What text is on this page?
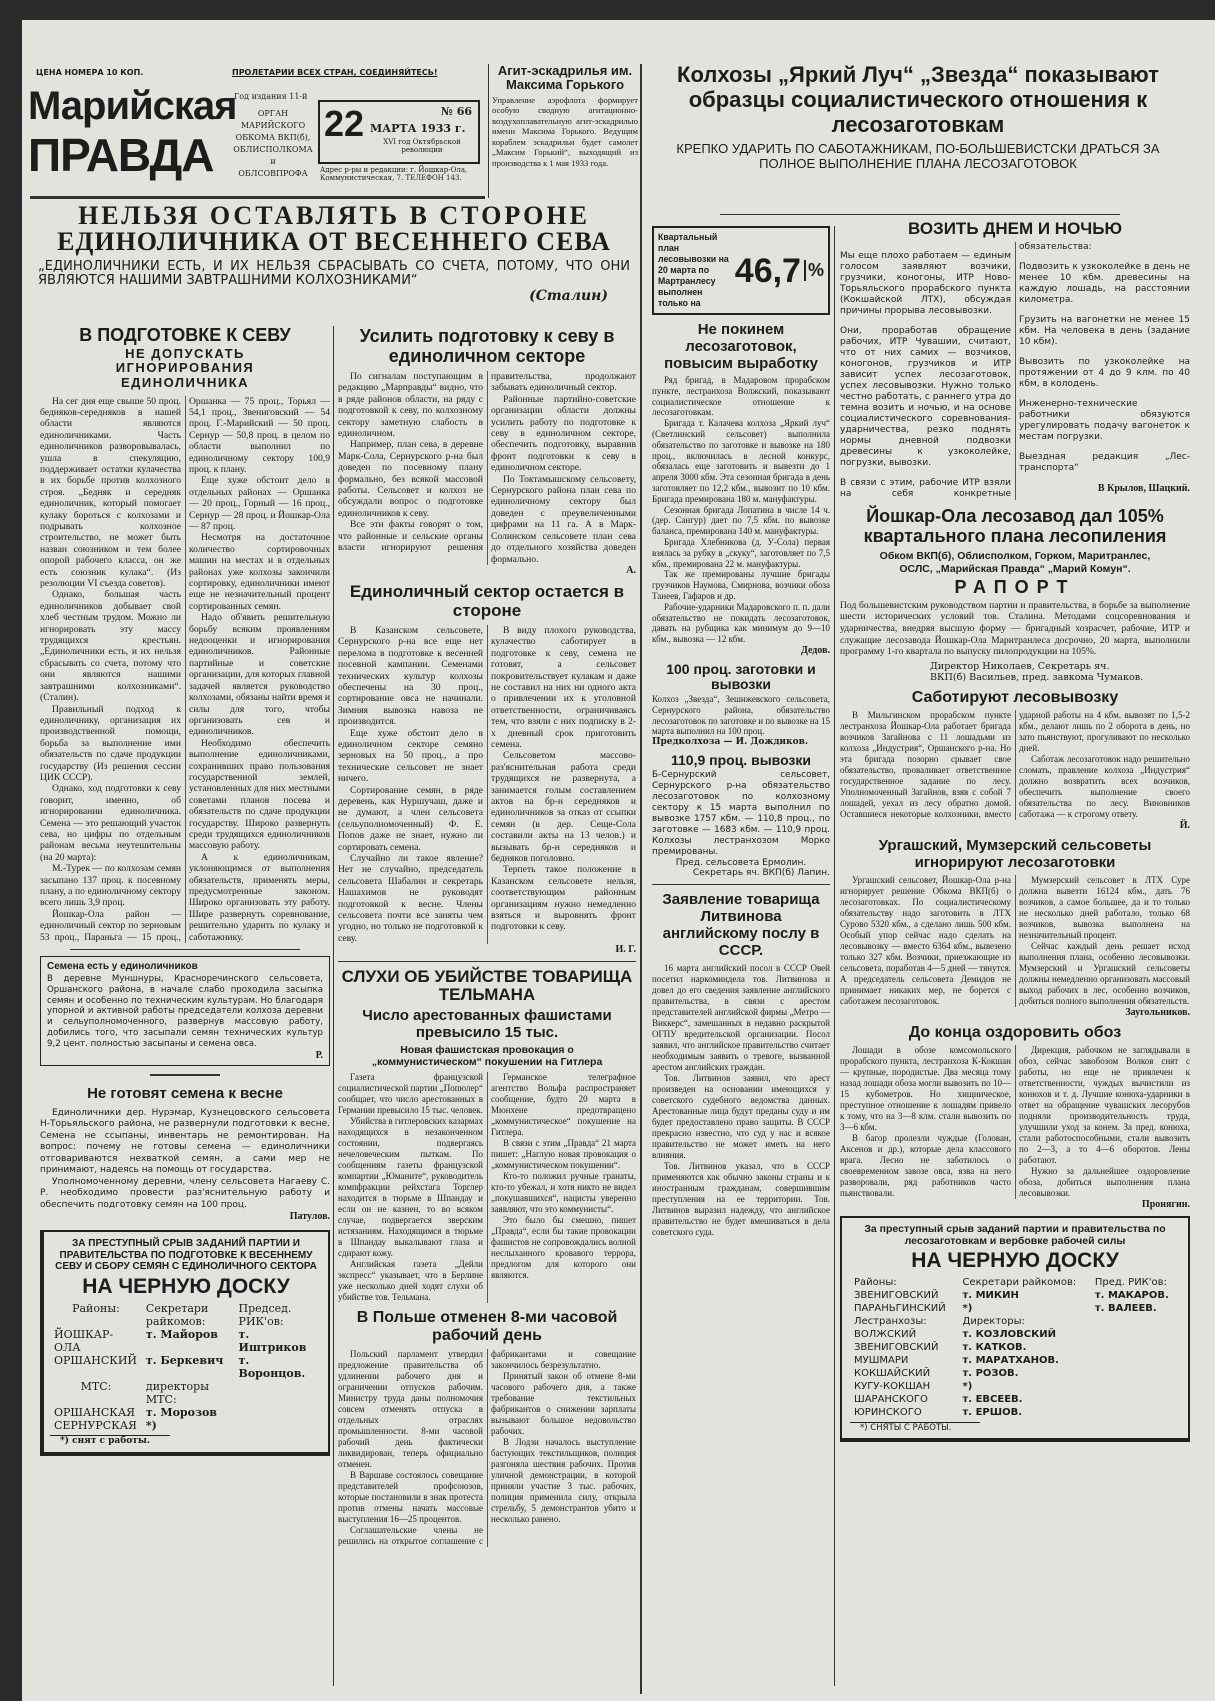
ЦЕНА НОМЕРА 10 КОП.	ПРОЛЕТАРИИ ВСЕХ СТРАН, СОЕДИНЯЙТЕСЬ!
Марийская
ПРАВДА
Год издания 11-й
ОРГАН
МАРИЙСКОГО
ОБКОМА ВКП(б),
ОБЛИСПОЛКОМА и
ОБЛСОВПРОФА
22	№ 66
МАРТА 1933 г.
XVI год Октябрьской революции
Адрес р-ры и редакции: г. Йошкар-Ола, Коммунистическая, 7. ТЕЛЕФОН 143.
Агит-эскадрилья им. Максима Горького
Управление аэрофлота формирует особую сводную агитационно-воздухоплавательную агит-эскадрилью имени Максима Горького. Ведущим кораблем эскадрильи будет самолет „Максим Горький“, выходящий из производства к 1 мая 1933 года.
Колхозы „Яркий Луч“ „Звезда“ показывают образцы социалистического отношения к лесозаготовкам
КРЕПКО УДАРИТЬ ПО САБОТАЖНИКАМ, ПО-БОЛЬШЕВИСТСКИ ДРАТЬСЯ ЗА ПОЛНОЕ ВЫПОЛНЕНИЕ ПЛАНА ЛЕСОЗАГОТОВОК
НЕЛЬЗЯ ОСТАВЛЯТЬ В СТОРОНЕ
ЕДИНОЛИЧНИКА ОТ ВЕСЕННЕГО СЕВА
„ЕДИНОЛИЧНИКИ ЕСТЬ, И ИХ НЕЛЬЗЯ СБРАСЫВАТЬ СО СЧЕТА, ПОТОМУ, ЧТО ОНИ ЯВЛЯЮТСЯ НАШИМИ ЗАВТРАШНИМИ КОЛХОЗНИКАМИ“
(Сталин)
В ПОДГОТОВКЕ К СЕВУ
НЕ ДОПУСКАТЬ ИГНОРИРОВАНИЯ ЕДИНОЛИЧНИКА

На сег дня еще свыше 50 проц. бедняков-середняков в нашей области являются единоличниками. Часть единоличников разворовывалась, ушла в спекуляцию, поддерживает остатки кулачества в их борьбе против колхозного строя. „Бедняк и середняк единоличник, который помогает кулаку бороться с колхозами и подрывать колхозное строительство, не может быть назван союзником и тем более опорой рабочего класса, он же есть союзник кулака“. (Из резолюции VI съезда советов).

Однако, большая часть единоличников добывает свой хлеб честным трудом. Можно ли игнорировать эту массу трудящихся крестьян. „Единоличники есть, и их нельзя сбрасывать со счета, потому что они являются нашими завтрашними колхозниками“. (Сталин).

Правильный подход к единоличнику, организация их производственной помощи, борьба за выполнение ими обязательств по сдаче продукции государству (Из решения сессии ЦИК СССР).

Однако, ход подготовки к севу говорит, именно, об игнорировании единоличника. Семена — это решающий участок сева, но цифры по отдельным районам весьма неутешительны (на 20 марта):

М.-Турек — по колхозам семян засыпано 137 проц. к посевному плану, а по единоличному сектору всего лишь 3,9 проц.

Йошкар-Ола район — единоличный сектор по зерновым 53 проц., Параньга — 15 проц., Оршанка — 75 проц., Торьял — 54,1 проц., Звениговский — 54 проц. Г.-Марийский — 50 проц. Сернур — 50,8 проц. в целом по области выполнил по единоличному сектору 100,9 проц. к плану.

Еще хуже обстоит дело в отдельных районах — Оршанка — 20 проц., Горный — 16 проц., Сернур — 28 проц. и Йошкар-Ола — 87 проц.

Несмотря на достаточное количество сортировочных машин на местах и в отдельных районах уже колхозы закончили сортировку, единоличники имеют еще не незначительный процент сортированных семян.

Надо об'явить решительную борьбу всяким проявлениям недооценки и игнорирования единоличников. Районные партийные и советские организации, для которых главной задачей является руководство колхозами, обязаны найти время и силы для того, чтобы организовать сев и единоличников.

Необходимо обеспечить выполнение единоличниками, сохранивших право пользования государственной землей, установленных для них местными советами планов посева и обязательств по сдаче продукции государству. Широко развернуть среди трудящихся единоличников массовую работу.

А к единоличникам, уклоняющимся от выполнения обязательств, применять меры, предусмотренные законом. Широко организовать эту работу. Шире развернуть соревнование, решительно ударить по кулаку и саботажнику.

Семена есть у единоличников
В деревне Муншнуры, Красноречинского сельсовета, Оршанского района, в начале слабо проходила засыпка семян и особенно по техническим культурам. Но благодаря упорной и активной работы председатели колхоза деревни и сельуполномоченного, развернув массовую работу, добились того, что засыпали семян технических культур 9,2 цент. полностью засыпаны и семена овса.
Р.
Не готовят семена к весне

Единоличники дер. Нурэмар, Кузнецовского сельсовета Н-Торьяльского района, не развернули подготовки к весне. Семена не ссыпаны, инвентарь не ремонтирован. На вопрос: почему не готовы семена — единоличники отговариваются нехваткой семян, а сами мер не принимают, надеясь на помощь от государства.

Уполномоченному деревни, члену сельсовета Нагаеву С. Р. необходимо провести раз'яснительную работу и обеспечить подготовку семян на 100 проц.

Патулов.
ЗА ПРЕСТУПНЫЙ СРЫВ ЗАДАНИЙ ПАРТИИ И ПРАВИТЕЛЬСТВА ПО ПОДГОТОВКЕ К ВЕСЕННЕМУ СЕВУ И СБОРУ СЕМЯН С ЕДИНОЛИЧНОГО СЕКТОРА
НА ЧЕРНУЮ ДОСКУ
Районы:	Секретари райкомов:	Председ. РИК'ов:
ЙОШКАР-ОЛА	т. Майоров	т. Иштриков
ОРШАНСКИЙ	т. Беркевич	т. Воронцов.
МТС:	директоры МТС:	
ОРШАНСКАЯ	т. Морозов	
СЕРНУРСКАЯ	*)	
*) снят с работы.
Усилить подготовку к севу в единоличном секторе

По сигналам поступающим в редакцию „Марправды“ видно, что в ряде районов области, на ряду с подготовкой к севу, по колхозному сектору заметную слабость в единоличном.

Например, план сева, в деревне Марк-Сола, Сернурского р-на был доведен по посевному плану формально, без всякой массовой работы. Сельсовет и колхоз не обсуждали вопрос о подготовке единоличников к севу.

Все эти факты говорят о том, что районные и сельские органы власти игнорируют решения правительства, продолжают забывать единоличный сектор.

Районные партийно-советские организации области должны усилить работу по подготовке к севу в единоличном секторе, обеспечить подготовку, выравнив фронт подготовки к севу в единоличном секторе.

По Токтамышскому сельсовету, Сернурского района план сева по единоличному сектору был доведен с преувеличенными цифрами на 11 га. А в Марк-Солинском сельсовете план сева до отдельного хозяйства доведен формально.

А.
Единоличный сектор остается в стороне

В Казанском сельсовете, Сернурского р-на все еще нет перелома в подготовке к весенней посевной кампании. Семенами технических культур колхозы обеспечены на 30 проц., сортирование овса не начинали. Зимняя вывозка навоза не производится.

Еще хуже обстоит дело в единоличном секторе семяно зерновых на 50 проц., а про технические сельсовет не знает ничего.

Сортирование семян, в ряде деревень, как Нуршучаш, даже и не думают, а член сельсовета (сельуполномоченный) Ф. Е. Попов даже не знает, нужно ли сортировать семена.

Случайно ли такое явление? Нет не случайно, председатель сельсовета Шабалин и секретарь Нашахимов не руководят подготовкой к весне. Члены сельсовета почти все заняты чем угодно, но только не подготовкой к севу.

В виду плохого руководства, кулачество саботирует в подготовке к севу, семена не готовят, а сельсовет покровительствует кулакам и даже не составил на них ни одного акта о привлечении их к уголовной ответственности, ограничиваясь тем, что взяли с них подписку в 2-х дневный срок приготовить семена.

Сельсоветом массово-раз'яснительная работа среди трудящихся не развернута, а занимается голым составлением актов на бр-н середняков и единоличников за отказ от ссыпки семян (в дер. Сеще-Сола составили акты на 13 челов.) и вызывать бр-н середняков и бедняков поголовно.

Терпеть такое положение в Казанском сельсовете нельзя, соответствующим районным организациям нужно немедленно взяться и выровнять фронт подготовки к севу.

И. Г.
СЛУХИ ОБ УБИЙСТВЕ ТОВАРИЩА ТЕЛЬМАНА
Число арестованных фашистами превысило 15 тыс.
Новая фашистская провокация о „коммунистическом“ покушении на Гитлера

Газета французской социалистической партии „Попюлер“ сообщает, что число арестованных в Германии превысило 15 тыс. человек.

Убийства в гитлеровских казармах находящихся в незаконченном состоянии, подвергаясь нечеловеческим пыткам. По сообщениям газеты французской компартии „Юманите“, руководитель компфракции рейхстага Торглер находится в тюрьме в Шпандау и если он не казнен, то во всяком случае, подвергается зверским истязаниям. Находящимся в тюрьме в Шпандау выкалывают глаза и сдирают кожу.

Английская газета „Дейли экспресс“ указывает, что в Берлине уже несколько дней ходят слухи об убийстве тов. Тельмана.

Германское телеграфное агентство Вольфа распространяет сообщение, будто 20 марта в Мюнхене предотвращено „коммунистическое“ покушение на Гитлера.

В связи с этим „Правда“ 21 марта пишет: „Наглую новая провокация о „коммунистическом покушении“.

Кто-то положил ручные гранаты, кто-то убежал, и хотя никто не видел „покушавшихся“, нацисты уверенно заявляют, что это коммунисты“.

Это было бы смешно, пишет „Правда“, если бы такие провокации фашистов не сопровождались волной неслыханного кровавого террора, предлогом для которого они являются.

В Польше отменен 8-ми часовой рабочий день

Польский парламент утвердил предложение правительства об удлинении рабочего дня и ограничении отпусков рабочим. Министру труда даны полномочия совсем отменять отпуска в отдельных отраслях промышленности. 8-ми часовой рабочий день фактически ликвидирован, теперь официально отменен.

В Варшаве состоялось совещание представителей профсоюзов, которые постановили в знак протеста против отмены начать массовые выступления 16—25 процентов.

Соглашательские члены не решились на открытое соглашение с фабрикантами и совещание закончилось безрезультатно.

Принятый закон об отмене 8-ми часового рабочего дня, а также требование текстильных фабрикантов о снижении зарплаты вызывают большое недовольство рабочих.

В Лодзи началось выступление бастующих текстильщиков, полиция разгоняла шествия рабочих. Против уличной демонстрации, в которой приняли участие 3 тыс. рабочих, полиция применила силу, открыла стрельбу, 5 демонстрантов убито и несколько ранено.

Квартальный план лесовывозки на 20 марта по Мартранлесу выполнен только на
46,7 %
Не покинем лесозаготовок, повысим выработку

Ряд бригад, в Мадаровом прорабском пункте, лестранхоза Волжский, показывают социалистическое отношение к лесозаготовкам.

Бригада т. Калачева колхоза „Яркий луч“ (Светлинский сельсовет) выполнила обязательство по заготовке и вывозке на 180 проц., включилась в лесной конкурс, обязалась еще заготовить и вывезти до 1 апреля 3000 кбм. Эта сезонная бригада в день заготовляет по 12,2 кбм., вывозит по 10 кбм. Бригада премирована 180 м. мануфактуры.

Сезонная бригада Лопатина в числе 14 ч. (дер. Сангур) дает по 7,5 кбм. по вывозке баланса, премирована 140 м. мануфактуры.

Бригада Хлебникова (д. У-Сола) первая взялась за рубку в „скуку“, заготовляет по 7,5 кбм., премирована 22 м. мануфактуры.

Так же премированы лучшие бригады грузчиков Наумова, Смирнова, возчики обоза Танеев, Гафаров и др.

Рабочие-ударники Мадаровского п. п. дали обязательство не покидать лесозаготовок, давать на рубщика как минимум до 9—10 кбм., вывозка — 12 кбм.

Дедов.
100 проц. заготовки и вывозки
Колхоз „Звезда“, Зешижевского сельсовета, Сернурского района, обязательство лесозаготовок по заготовке и по вывозке на 15 марта выполнил на 100 проц.
Предколхоза — И. Дождиков.
110,9 проц. вывозки
Б-Сернурский сельсовет, Сернурского р-на обязательство лесозаготовок по колхозному сектору к 15 марта выполнил по вывозке 1757 кбм. — 110,8 проц., по заготовке — 1683 кбм. — 110,9 проц. Колхозы лестранхозом Морко премированы.
Пред. сельсовета Ермолин.
Секретарь яч. ВКП(б) Лапин.
Заявление товарища Литвинова английскому послу в СССР.

16 марта английский посол в СССР Овей посетил наркоминдела тов. Литвинова и довел до его сведения заявление английского правительства, в связи с арестом представителей английской фирмы „Метро — Виккерс“, замешанных в недавно раскрытой ОГПУ вредительской организации. Посол заявил, что английское правительство считает необходимым заявить о тревоге, вызванной арестом английских граждан.

Тов. Литвинов заявил, что арест произведен на основании имеющихся у советского судебного ведомства данных. Арестованные лица будут преданы суду и им будет предоставлено право защиты. В СССР прекрасно известно, что суд у нас и всякое правительство не может иметь на него влияния.

Тов. Литвинов указал, что в СССР применяются как обычно законы страны и к иностранным гражданам, совершившим преступления на ее территории. Тов. Литвинов выразил надежду, что английское правительство не будет вмешиваться в дела советского суда.

ВОЗИТЬ ДНЕМ И НОЧЬЮ

Мы еще плохо работаем — единым голосом заявляют возчики, грузчики, коногоны, ИТР Ново-Торьяльского прорабского пункта (Кокшайской ЛТХ), обсуждая причины прорыва лесовывозки.

Они, проработав обращение рабочих, ИТР Чувашии, считают, что от них самих — возчиков, коногонов, грузчиков и ИТР зависит успех лесозаготовок, успех лесовывозки. Нужно только честно работать, с раннего утра до темна возить и ночью, и на основе социалистического соревнования-ударничества, резко поднять нормы дневной подвозки древесины к узкоколейке, погрузки, вывозки.

В связи с этим, рабочие ИТР взяли на себя конкретные обязательства:

Подвозить к узкоколейке в день не менее 10 кбм. древесины на каждую лошадь, на расстоянии километра.

Грузить на вагонетки не менее 15 кбм. На человека в день (задание 10 кбм).

Вывозить по узкоколейке на протяжении от 4 до 9 клм. по 40 кбм, в колодень.

Инженерно-технические работники обязуются урегулировать подачу вагонеток к местам погрузки.

Выездная редакция „Лес-транспорта“

В Крылов, Шацкий.
Йошкар-Ола лесозавод дал 105% квартального плана лесопиления
Обком ВКП(б), Облисполком, Горком, Маритранлес, ОСЛС, „Марийская Правда“ „Марий Комун“.
РАПОРТ
Под большевистским руководством партии и правительства, в борьбе за выполнение шести исторических условий тов. Сталина. Методами соцсоревнования и ударничества, внедряя высшую форму — бригадный хозрасчет, рабочие, ИТР и служащие лесозавода Йошкар-Ола Маритранлеса досрочно, 20 марта, выполнили программу 1-го квартала по выпуску пилопродукции на 105%.
Директор Николаев, Секретарь яч.
ВКП(б) Васильев, пред. завкома Чумаков.
Саботируют лесовывозку

В Мильгинском прорабском пункте лестранхоза Йошкар-Ола работает бригада возчиков Загайнова с 11 лошадьми из колхоза „Индустрия“, Оршанского р-на. Но эта бригада позорно срывает свое обязательство, проваливает ответственное государственное задание по лесу. Уполномоченный Загайнов, взяв с собой 7 лошадей, уехал из лесу обратно домой. Оставшиеся некоторые колхозники, вместо ударной работы на 4 кбм. вывозят по 1,5-2 кбм., делают лишь по 2 оборота в день, но зато пьянствуют, прогуливают по несколько дней.

Саботаж лесозаготовок надо решительно сломать, правление колхоза „Индустрия“ должно возвратить всех возчиков, обеспечить выполнение своего обязательства по лесу. Виновников саботажа — к строгому ответу.

Й.
Ургашский, Мумзерский сельсоветы игнорируют лесозаготовки

Ургашский сельсовет, Йошкар-Ола р-на игнорирует решение Обкома ВКП(б) о лесозаготовках. По социалистическому обязательству надо заготовить в ЛТХ Сурово 5320 кбм., а сделано лишь 500 кбм. Особый упор сейчас надо сделать на лесовывозку — вместо 6364 кбм., вывезено только 327 кбм. Возчики, приезжающие из сельсовета, поработав 4—5 дней — тянутся. А председатель сельсовета Демидов не принимает никаких мер, не борется с саботажем лесозаготовок.

Мумзерский сельсовет в ЛТХ Суре должна вывезти 16124 кбм., дать 76 возчиков, а самое большее, да и то только не несколько дней работало, только 68 возчиков, вывозка выполнена на незначительный процент.

Сейчас каждый день решает исход выполнения плана, особенно лесовывозки. Мумзерский и Ургашский сельсоветы должны немедленно организовать массовый выход рабочих в лес, особенно возчиков, добиться полного выполнения обязательств.

Заугольников.
До конца оздоровить обоз

Лошади в обозе комсомольского прорабского пункта, лестранхоза К-Кокшан — крупные, породистые. Два месяца тому назад лошади обоза могли вывозить по 10—15 кубометров. Но хищническое, преступное отношение к лошадям привело к тому, что на 3—8 клм. стали вывозить по 3—6 кбм.

В багор пролезли чуждые (Голован, Аксенов и др.), которые дела классового врага. Лесно не заботилось о своевременном завозе овса, язва на него разворовали, ряд работников часто пьянствовали.

Дирекция, рабочком не заглядывали в обоз, сейчас завобозом Волков снят с работы, но еще не привлечен к ответственности, чуждых вычистили из конюхов и т. д. Лучшие конюха-ударники в ответ на обращение чувашских лесорубов подняли производительность труда, улучшили уход за конем. За пред. конюха, стали работоспособными, стали вывозить по 2—3, а то 4—6 оборотов. Лены работают.

Нужно за дальнейшее оздоровление обоза, добиться выполнения плана лесовывозки.

Пронягин.
За преступный срыв заданий партии и правительства по лесозаготовкам и вербовке рабочей силы
НА ЧЕРНУЮ ДОСКУ
Районы:	Секретари райкомов:	Пред. РИК'ов:
ЗВЕНИГОВСКИЙ	т. МИКИН	т. МАКАРОВ.
ПАРАНЬГИНСКИЙ	*)	т. ВАЛЕЕВ.
Лестранхозы:	Директоры:	
ВОЛЖСКИЙ	т. КОЗЛОВСКИЙ	
ЗВЕНИГОВСКИЙ	т. КАТКОВ.	
МУШМАРИ	т. МАРАТХАНОВ.	
КОКШАЙСКИЙ	т. РОЗОВ.	
КУГУ-КОКШАН	*)	
ШАРАНСКОГО	т. ЕВСЕЕВ.	
ЮРИНСКОГО	т. ЕРШОВ.	
*) СНЯТЫ С РАБОТЫ.
